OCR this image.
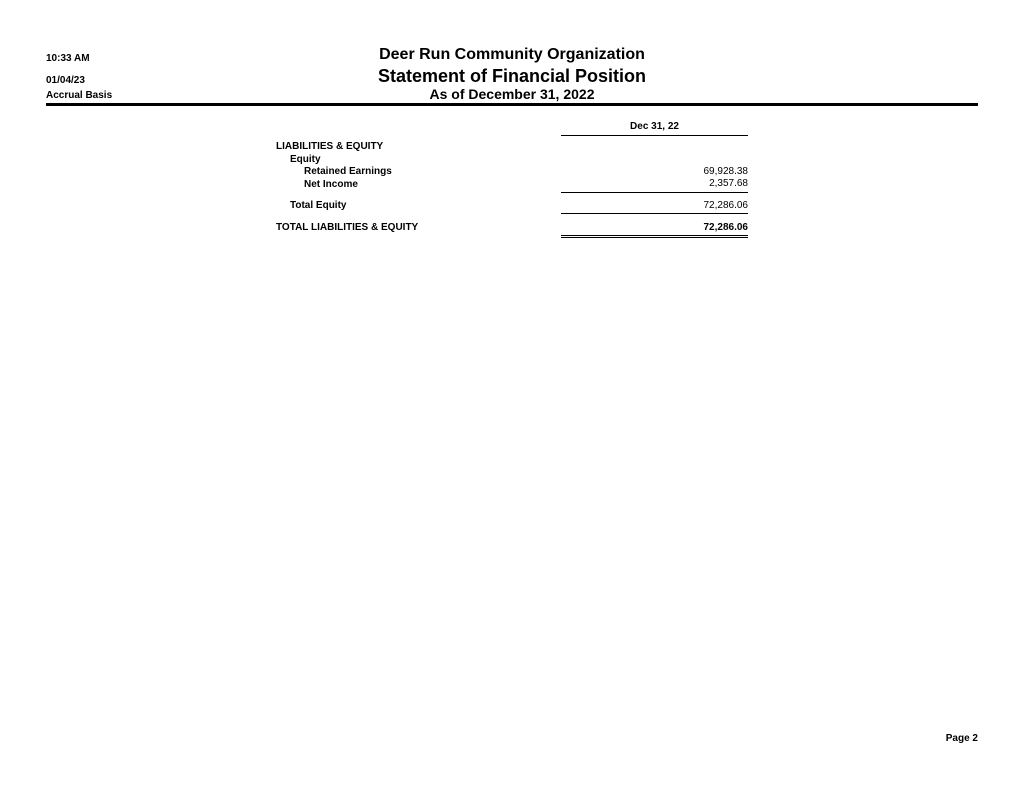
10:33 AM
01/04/23
Accrual Basis
Deer Run Community Organization
Statement of Financial Position
As of December 31, 2022
Dec 31, 22
LIABILITIES & EQUITY
Equity
Retained Earnings	69,928.38
Net Income	2,357.68
Total Equity	72,286.06
TOTAL LIABILITIES & EQUITY	72,286.06
Page 2
